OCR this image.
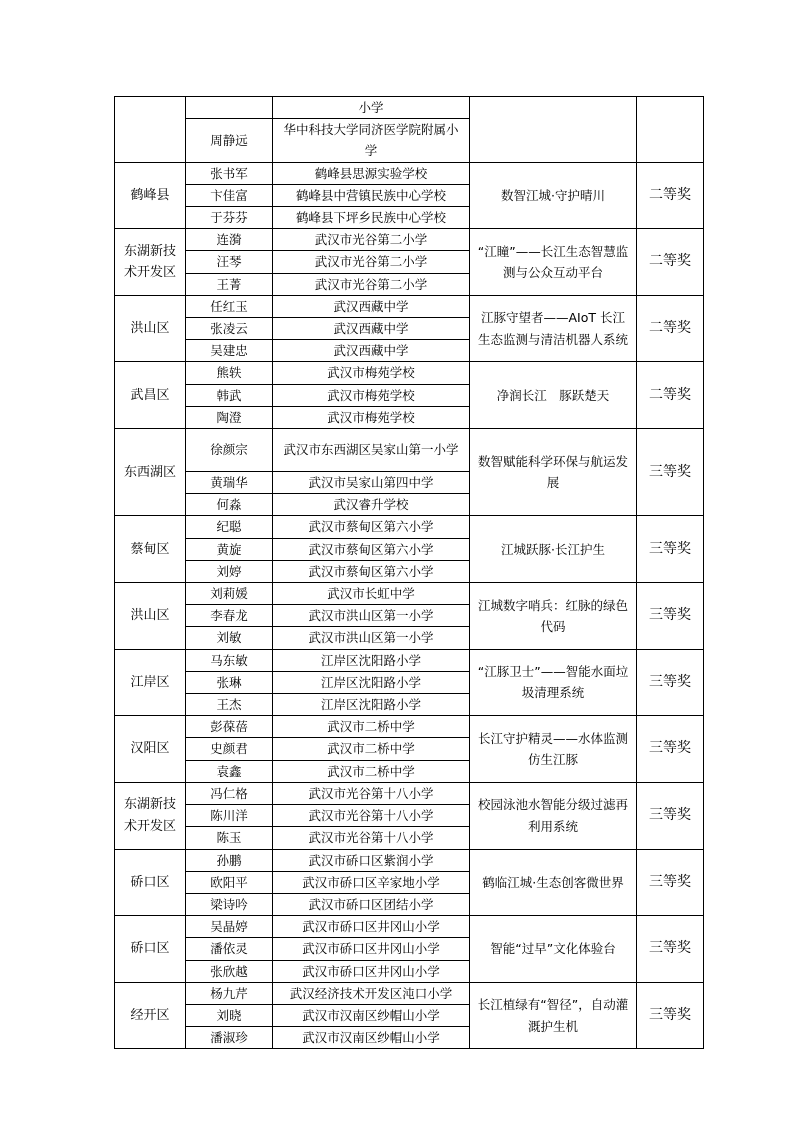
		小学		
	周静远	华中科技大学同济医学院附属小学		
鹤峰县	张书军	鹤峰县思源实验学校	数智江城·守护晴川	二等奖
	卞佳富	鹤峰县中营镇民族中心学校		
	于芬芬	鹤峰县下坪乡民族中心学校		
东湖新技术开发区	连漪	武汉市光谷第二小学	“江瞳”——长江生态智慧监测与公众互动平台	二等奖
	汪琴	武汉市光谷第二小学		
	王菁	武汉市光谷第二小学		
洪山区	任红玉	武汉西藏中学	江豚守望者——AIoT 长江生态监测与清洁机器人系统	二等奖
	张凌云	武汉西藏中学		
	吴建忠	武汉西藏中学		
武昌区	熊轶	武汉市梅苑学校	净润长江　豚跃楚天	二等奖
	韩武	武汉市梅苑学校		
	陶澄	武汉市梅苑学校		
东西湖区	徐颜宗	武汉市东西湖区吴家山第一小学	数智赋能科学环保与航运发展	三等奖
	黄瑞华	武汉市吴家山第四中学		
	何淼	武汉睿升学校		
蔡甸区	纪聪	武汉市蔡甸区第六小学	江城跃豚·长江护生	三等奖
	黄旋	武汉市蔡甸区第六小学		
	刘婷	武汉市蔡甸区第六小学		
洪山区	刘莉媛	武汉市长虹中学	江城数字哨兵：红脉的绿色代码	三等奖
	李春龙	武汉市洪山区第一小学		
	刘敏	武汉市洪山区第一小学		
江岸区	马东敏	江岸区沈阳路小学	“江豚卫士”——智能水面垃圾清理系统	三等奖
	张琳	江岸区沈阳路小学		
	王杰	江岸区沈阳路小学		
汉阳区	彭葆蓓	武汉市二桥中学	长江守护精灵——水体监测仿生江豚	三等奖
	史颜君	武汉市二桥中学		
	袁鑫	武汉市二桥中学		
东湖新技术开发区	冯仁格	武汉市光谷第十八小学	校园泳池水智能分级过滤再利用系统	三等奖
	陈川洋	武汉市光谷第十八小学		
	陈玉	武汉市光谷第十八小学		
硚口区	孙鹏	武汉市硚口区紫润小学	鹤临江城·生态创客微世界	三等奖
	欧阳平	武汉市硚口区辛家地小学		
	梁诗吟	武汉市硚口区团结小学		
硚口区	吴晶婷	武汉市硚口区井冈山小学	智能“过早”文化体验台	三等奖
	潘依灵	武汉市硚口区井冈山小学		
	张欣越	武汉市硚口区井冈山小学		
经开区	杨九芹	武汉经济技术开发区沌口小学	长江植绿有“智径”，自动灌溉护生机	三等奖
	刘晓	武汉市汉南区纱帽山小学		
	潘淑珍	武汉市汉南区纱帽山小学		
